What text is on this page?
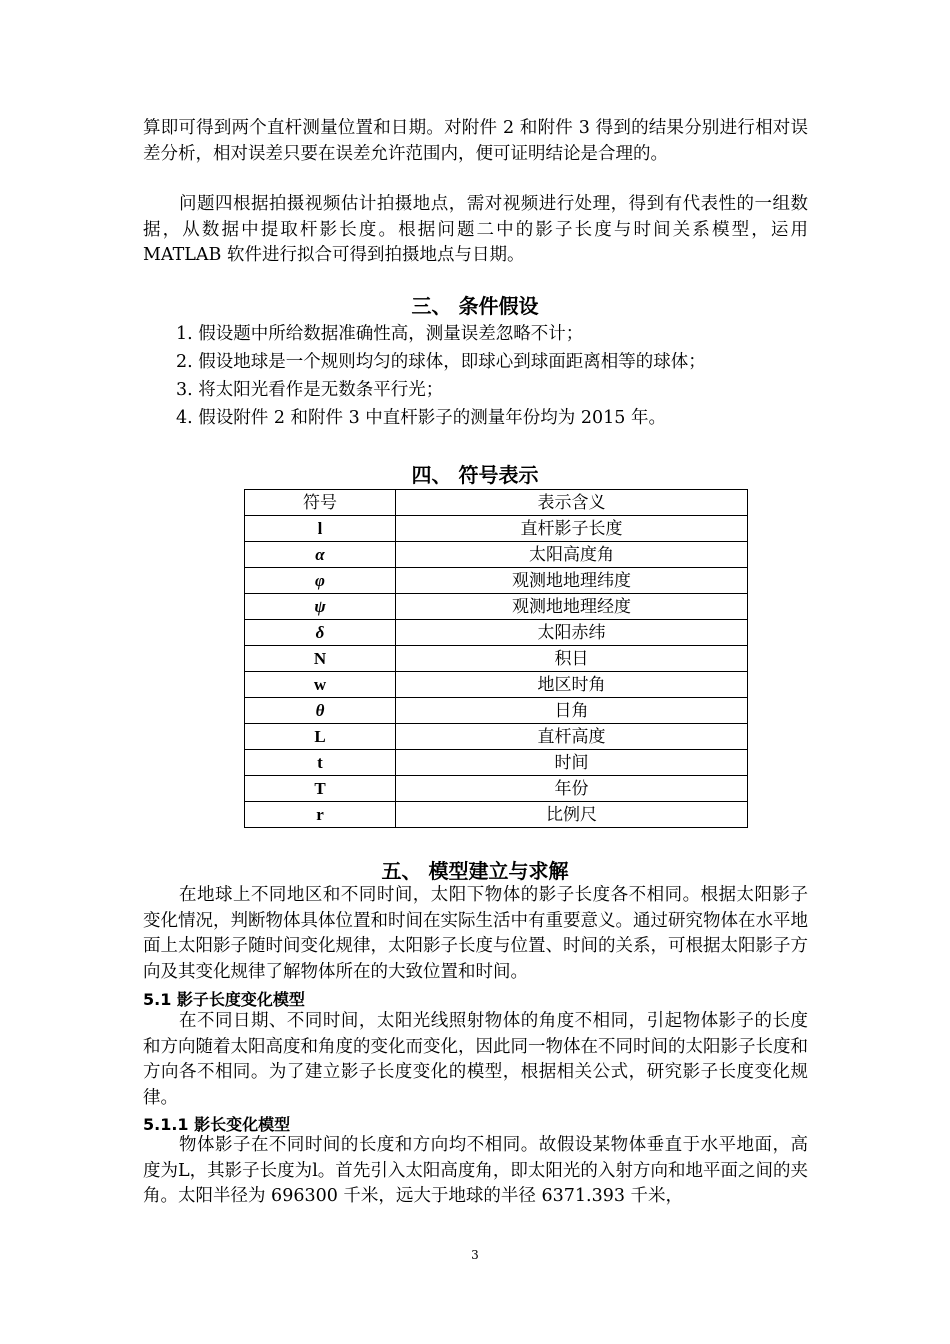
算即可得到两个直杆测量位置和日期。对附件 2 和附件 3 得到的结果分别进行相对误差分析，相对误差只要在误差允许范围内，便可证明结论是合理的。

问题四根据拍摄视频估计拍摄地点，需对视频进行处理，得到有代表性的一组数据，从数据中提取杆影长度。根据问题二中的影子长度与时间关系模型，运用 MATLAB 软件进行拟合可得到拍摄地点与日期。

三、 条件假设
1. 假设题中所给数据准确性高，测量误差忽略不计；
2. 假设地球是一个规则均匀的球体，即球心到球面距离相等的球体；
3. 将太阳光看作是无数条平行光；
4. 假设附件 2 和附件 3 中直杆影子的测量年份均为 2015 年。
四、 符号表示
符号	表示含义
l	直杆影子长度
α	太阳高度角
φ	观测地地理纬度
ψ	观测地地理经度
δ	太阳赤纬
N	积日
w	地区时角
θ	日角
L	直杆高度
t	时间
T	年份
r	比例尺
五、 模型建立与求解

在地球上不同地区和不同时间，太阳下物体的影子长度各不相同。根据太阳影子变化情况，判断物体具体位置和时间在实际生活中有重要意义。通过研究物体在水平地面上太阳影子随时间变化规律，太阳影子长度与位置、时间的关系，可根据太阳影子方向及其变化规律了解物体所在的大致位置和时间。

5.1 影子长度变化模型

在不同日期、不同时间，太阳光线照射物体的角度不相同，引起物体影子的长度和方向随着太阳高度和角度的变化而变化，因此同一物体在不同时间的太阳影子长度和方向各不相同。为了建立影子长度变化的模型，根据相关公式，研究影子长度变化规律。

5.1.1 影长变化模型

物体影子在不同时间的长度和方向均不相同。故假设某物体垂直于水平地面，高度为L，其影子长度为l。首先引入太阳高度角，即太阳光的入射方向和地平面之间的夹角。太阳半径为 696300 千米，远大于地球的半径 6371.393 千米，

3
